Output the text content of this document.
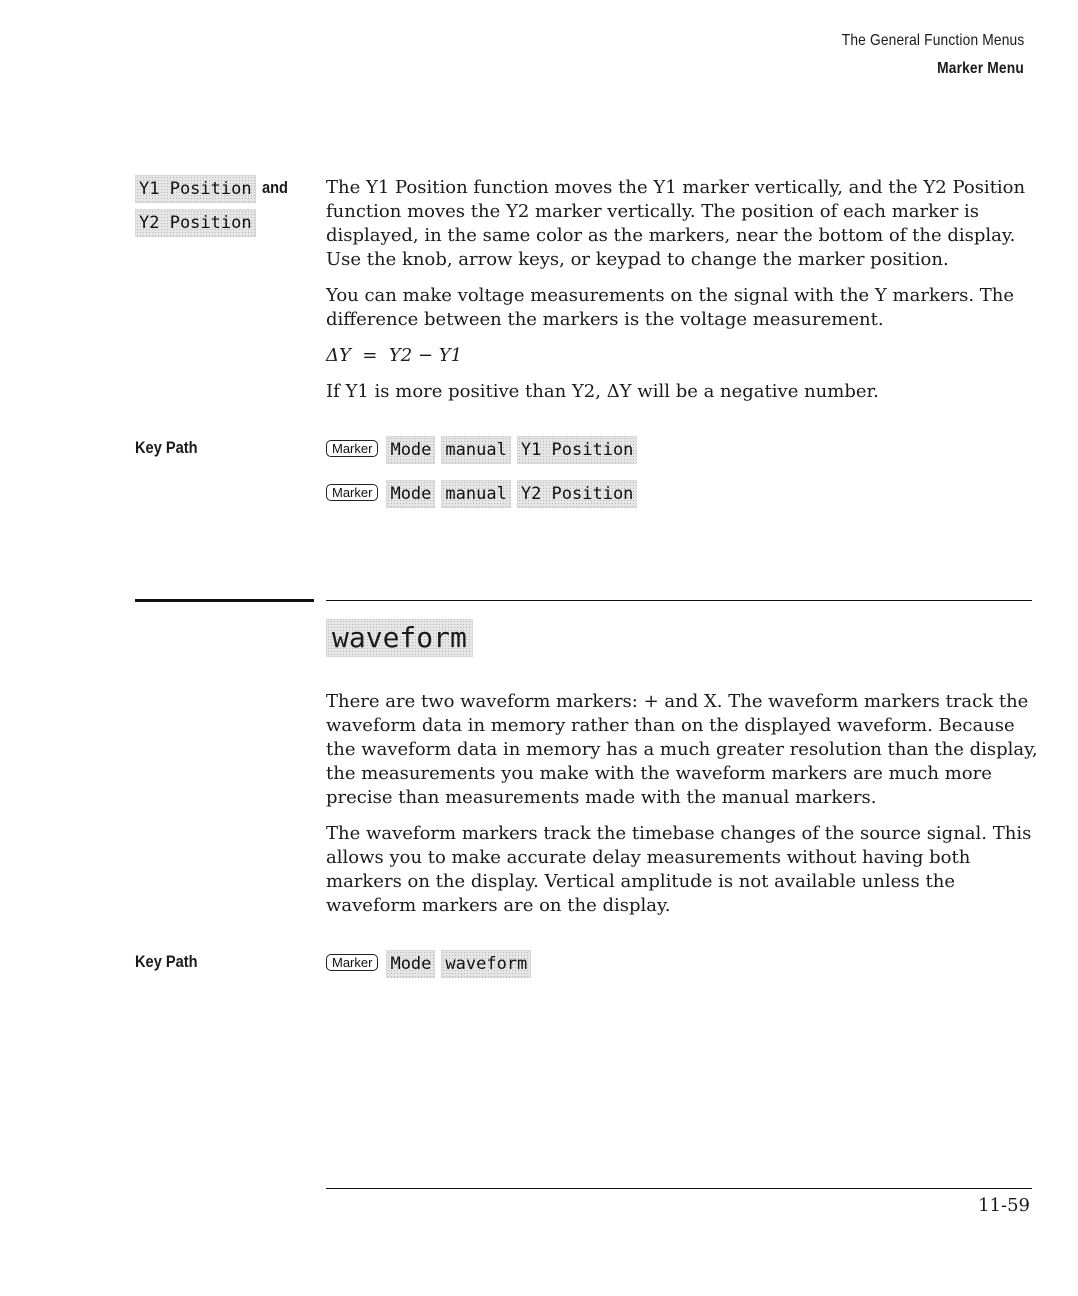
The General Function Menus
Marker Menu
Y1 Position and
Y2 Position

The Y1 Position function moves the Y1 marker vertically, and the Y2 Position function moves the Y2 marker vertically. The position of each marker is displayed, in the same color as the markers, near the bottom of the display. Use the knob, arrow keys, or keypad to change the marker position.

You can make voltage measurements on the signal with the Y markers. The difference between the markers is the voltage measurement.

ΔY = Y2 − Y1

If Y1 is more positive than Y2, ΔY will be a negative number.

Key Path	Marker Mode manual Y1 Position
Marker Mode manual Y2 Position
waveform

There are two waveform markers: + and X. The waveform markers track the waveform data in memory rather than on the displayed waveform. Because the waveform data in memory has a much greater resolution than the display, the measurements you make with the waveform markers are much more precise than measurements made with the manual markers.

The waveform markers track the timebase changes of the source signal. This allows you to make accurate delay measurements without having both markers on the display. Vertical amplitude is not available unless the waveform markers are on the display.

Key Path	Marker Mode waveform
11-59
